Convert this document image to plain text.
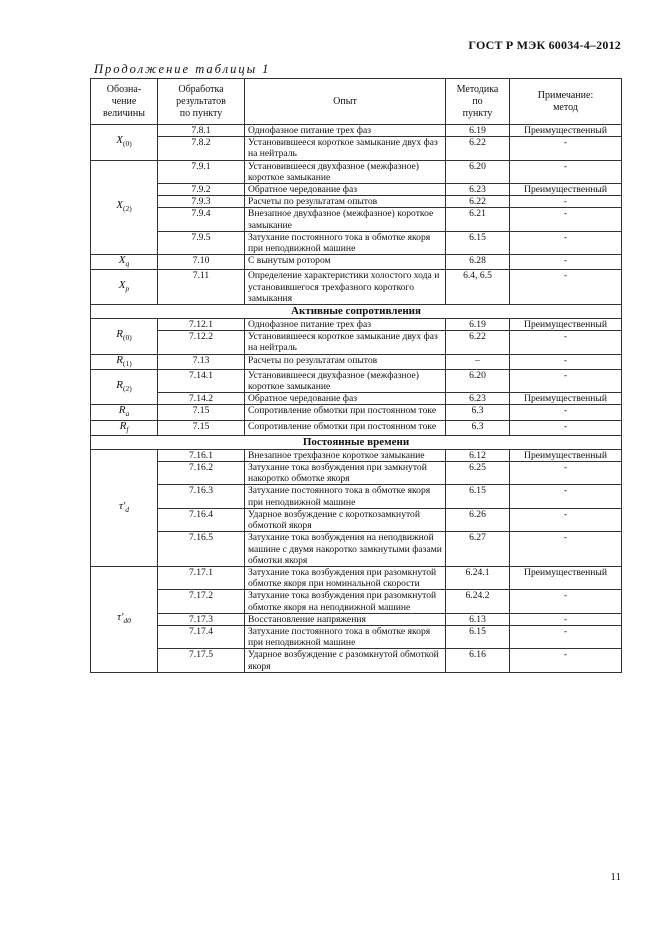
ГОСТ Р МЭК 60034-4–2012
Продолжение таблицы 1
Обозна-
чение
величины	Обработка
результатов
по пункту	Опыт	Методика
по
пункту	Примечание:
метод
$X_{(0)}$	7.8.1	Однофазное питание трех фаз	6.19	Преимущественный
	7.8.2	Установившееся короткое замыкание двух фаз на нейтраль	6.22	-
$X_{(2)}$	7.9.1	Установившееся двухфазное (межфазное) короткое замыкание	6.20	-
	7.9.2	Обратное чередование фаз	6.23	Преимущественный
	7.9.3	Расчеты по результатам опытов	6.22	-
	7.9.4	Внезапное двухфазное (межфазное) короткое замыкание	6.21	-
	7.9.5	Затухание постоянного тока в обмотке якоря при неподвижной машине	6.15	-
$X_q$	7.10	С вынутым ротором	6.28	-
$X_p$	7.11	Определение характеристики холостого хода и установившегося трехфазного короткого замыкания	6.4, 6.5	-
Активные сопротивления				
$R_{(0)}$	7.12.1	Однофазное питание трех фаз	6.19	Преимущественный
	7.12.2	Установившееся короткое замыкание двух фаз на нейтраль	6.22	-
$R_{(1)}$	7.13	Расчеты по результатам опытов	–	-
$R_{(2)}$	7.14.1	Установившееся двухфазное (межфазное) короткое замыкание	6.20	-
	7.14.2	Обратное чередование фаз	6.23	Преимущественный
$R_a$	7.15	Сопротивление обмотки при постоянном токе	6.3	-
$R_f$	7.15	Сопротивление обмотки при постоянном токе	6.3	-
Постоянные времени				
$\tau'_d$	7.16.1	Внезапное трехфазное короткое замыкание	6.12	Преимущественный
	7.16.2	Затухание тока возбуждения при замкнутой накоротко обмотке якоря	6.25	-
	7.16.3	Затухание постоянного тока в обмотке якоря при неподвижной машине	6.15	-
	7.16.4	Ударное возбуждение с короткозамкнутой обмоткой якоря	6.26	-
	7.16.5	Затухание тока возбуждения на неподвижной машине с двумя накоротко замкнутыми фазами обмотки якоря	6.27	-
$\tau'_{d0}$	7.17.1	Затухание тока возбуждения при разомкнутой обмотке якоря при номинальной скорости	6.24.1	Преимущественный
	7.17.2	Затухание тока возбуждения при разомкнутой обмотке якоря на неподвижной машине	6.24.2	-
	7.17.3	Восстановление напряжения	6.13	-
	7.17.4	Затухание постоянного тока в обмотке якоря при неподвижной машине	6.15	-
	7.17.5	Ударное возбуждение с разомкнутой обмоткой якоря	6.16	-
11
